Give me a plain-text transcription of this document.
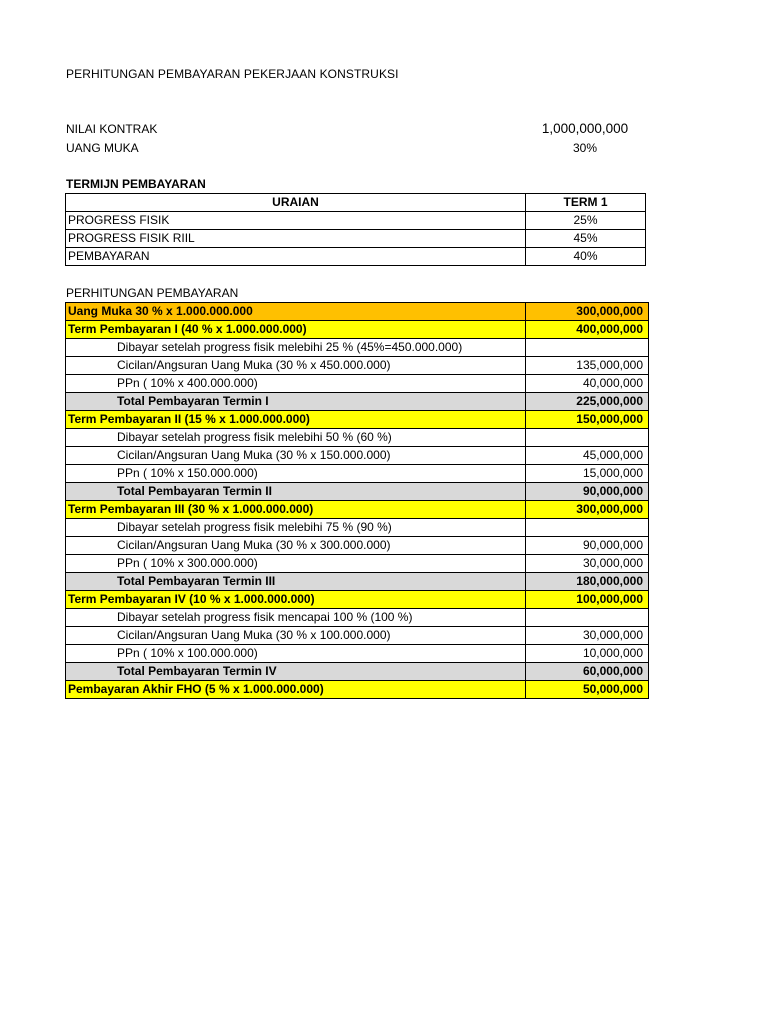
PERHITUNGAN PEMBAYARAN PEKERJAAN KONSTRUKSI
NILAI KONTRAK	1,000,000,000
UANG MUKA	30%
TERMIJN PEMBAYARAN
URAIAN	TERM 1
PROGRESS FISIK	25%
PROGRESS FISIK RIIL	45%
PEMBAYARAN	40%
PERHITUNGAN PEMBAYARAN
Uang Muka 30 % x 1.000.000.000	300,000,000
Term Pembayaran I (40 % x 1.000.000.000)	400,000,000
Dibayar setelah progress fisik melebihi 25 % (45%=450.000.000)	
Cicilan/Angsuran Uang Muka (30 % x 450.000.000)	135,000,000
PPn ( 10% x 400.000.000)	40,000,000
Total Pembayaran Termin I	225,000,000
Term Pembayaran II (15 % x 1.000.000.000)	150,000,000
Dibayar setelah progress fisik melebihi 50 % (60 %)	
Cicilan/Angsuran Uang Muka (30 % x 150.000.000)	45,000,000
PPn ( 10% x 150.000.000)	15,000,000
Total Pembayaran Termin II	90,000,000
Term Pembayaran III (30 % x 1.000.000.000)	300,000,000
Dibayar setelah progress fisik melebihi 75 % (90 %)	
Cicilan/Angsuran Uang Muka (30 % x 300.000.000)	90,000,000
PPn ( 10% x 300.000.000)	30,000,000
Total Pembayaran Termin III	180,000,000
Term Pembayaran IV (10 % x 1.000.000.000)	100,000,000
Dibayar setelah progress fisik mencapai 100 % (100 %)	
Cicilan/Angsuran Uang Muka (30 % x 100.000.000)	30,000,000
PPn ( 10% x 100.000.000)	10,000,000
Total Pembayaran Termin IV	60,000,000
Pembayaran Akhir FHO (5 % x 1.000.000.000)	50,000,000
